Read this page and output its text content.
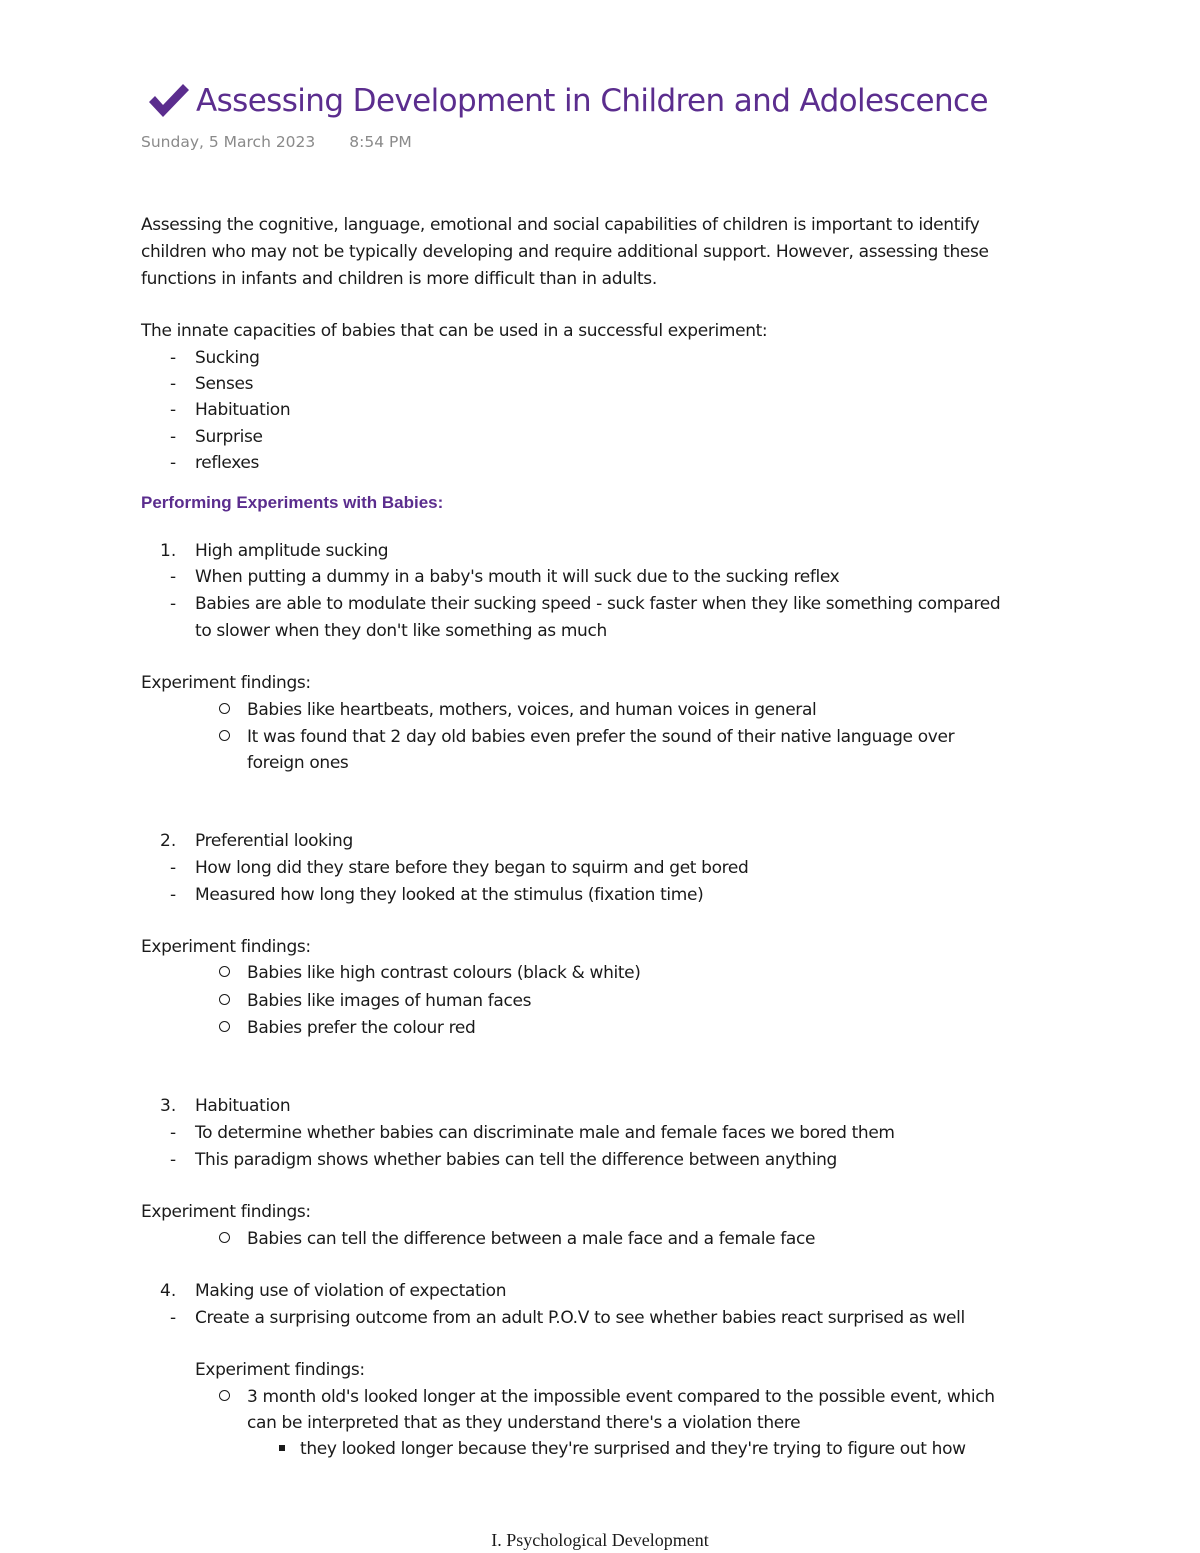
Assessing Development in Children and Adolescence
Sunday, 5 March 2023 8:54 PM
Assessing the cognitive, language, emotional and social capabilities of children is important to identify
children who may not be typically developing and require additional support. However, assessing these
functions in infants and children is more difficult than in adults.
The innate capacities of babies that can be used in a successful experiment:
- Sucking
- Senses
- Habituation
- Surprise
- reflexes
Performing Experiments with Babies:
1. High amplitude sucking
- When putting a dummy in a baby's mouth it will suck due to the sucking reflex
- Babies are able to modulate their sucking speed - suck faster when they like something compared
to slower when they don't like something as much
Experiment findings:
Babies like heartbeats, mothers, voices, and human voices in general
It was found that 2 day old babies even prefer the sound of their native language over
foreign ones
2. Preferential looking
- How long did they stare before they began to squirm and get bored
- Measured how long they looked at the stimulus (fixation time)
Experiment findings:
Babies like high contrast colours (black & white)
Babies like images of human faces
Babies prefer the colour red
3. Habituation
- To determine whether babies can discriminate male and female faces we bored them
- This paradigm shows whether babies can tell the difference between anything
Experiment findings:
Babies can tell the difference between a male face and a female face
4. Making use of violation of expectation
- Create a surprising outcome from an adult P.O.V to see whether babies react surprised as well
Experiment findings:
3 month old's looked longer at the impossible event compared to the possible event, which
can be interpreted that as they understand there's a violation there
they looked longer because they're surprised and they're trying to figure out how
I. Psychological Development
